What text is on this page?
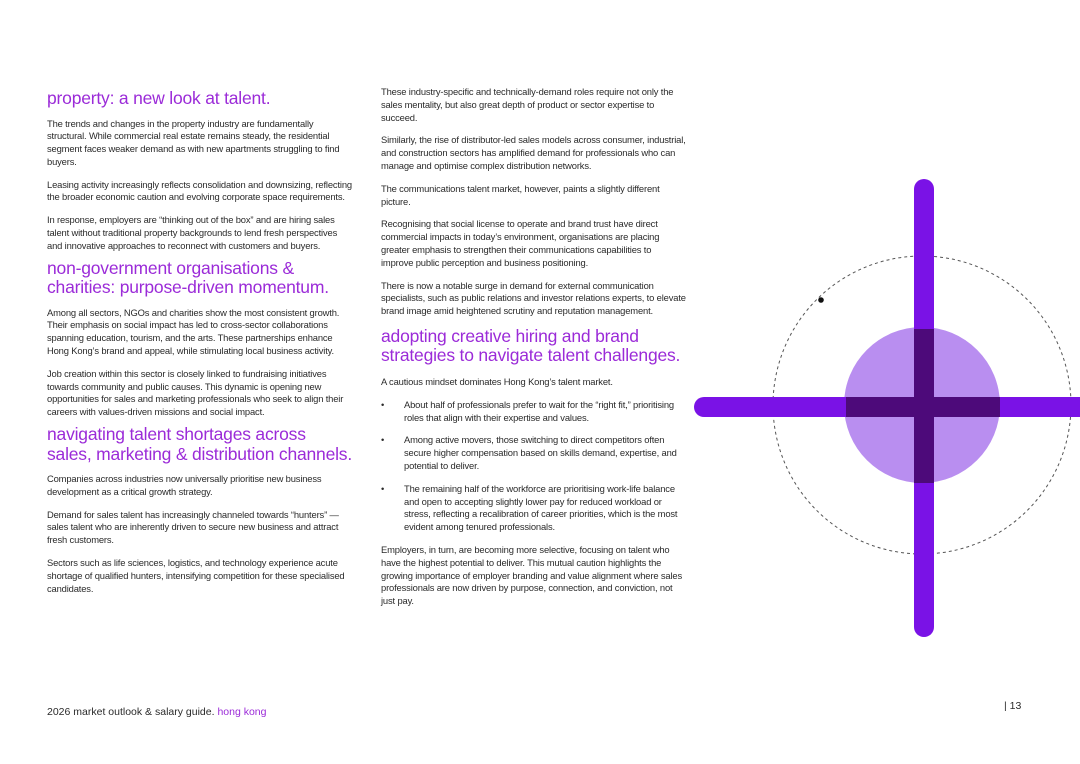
property: a new look at talent.

The trends and changes in the property industry are fundamentally structural. While commercial real estate remains steady, the residential segment faces weaker demand as with new apartments struggling to find buyers.

Leasing activity increasingly reflects consolidation and downsizing, reflecting the broader economic caution and evolving corporate space requirements.

In response, employers are “thinking out of the box” and are hiring sales talent without traditional property backgrounds to lend fresh perspectives and innovative approaches to reconnect with customers and buyers.

non-government organisations & charities: purpose-driven momentum.

Among all sectors, NGOs and charities show the most consistent growth. Their emphasis on social impact has led to cross-sector collaborations spanning education, tourism, and the arts. These partnerships enhance Hong Kong’s brand and appeal, while stimulating local business activity.

Job creation within this sector is closely linked to fundraising initiatives towards community and public causes. This dynamic is opening new opportunities for sales and marketing professionals who seek to align their careers with values-driven missions and social impact.

navigating talent shortages across sales, marketing & distribution channels.

Companies across industries now universally prioritise new business development as a critical growth strategy.

Demand for sales talent has increasingly channeled towards “hunters” — sales talent who are inherently driven to secure new business and attract fresh customers.

Sectors such as life sciences, logistics, and technology experience acute shortage of qualified hunters, intensifying competition for these specialised candidates.

These industry-specific and technically-demand roles require not only the sales mentality, but also great depth of product or sector expertise to succeed.

Similarly, the rise of distributor-led sales models across consumer, industrial, and construction sectors has amplified demand for professionals who can manage and optimise complex distribution networks.

The communications talent market, however, paints a slightly different picture.

Recognising that social license to operate and brand trust have direct commercial impacts in today’s environment, organisations are placing greater emphasis to strengthen their communications capabilities to improve public perception and business positioning.

There is now a notable surge in demand for external communication specialists, such as public relations and investor relations experts, to elevate brand image amid heightened scrutiny and reputation management.

adopting creative hiring and brand strategies to navigate talent challenges.

A cautious mindset dominates Hong Kong’s talent market.

• About half of professionals prefer to wait for the “right fit,” prioritising roles that align with their expertise and values.
• Among active movers, those switching to direct competitors often secure higher compensation based on skills demand, expertise, and potential to deliver.
• The remaining half of the workforce are prioritising work-life balance and open to accepting slightly lower pay for reduced workload or stress, reflecting a recalibration of career priorities, which is the most evident among tenured professionals.

Employers, in turn, are becoming more selective, focusing on talent who have the highest potential to deliver. This mutual caution highlights the growing importance of employer branding and value alignment where sales professionals are now driven by purpose, connection, and conviction, not just pay.

2026 market outlook & salary guide. hong kong	| 13
